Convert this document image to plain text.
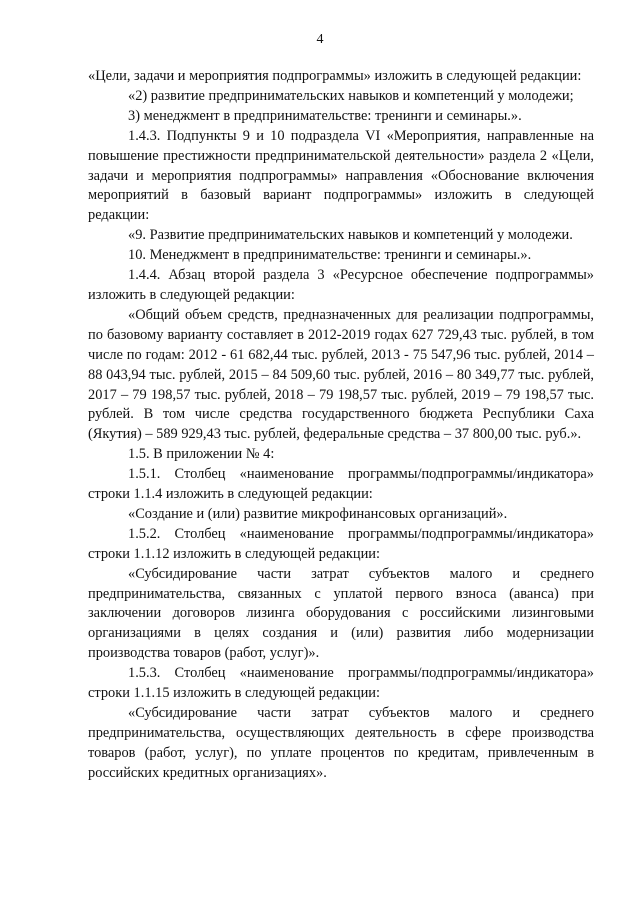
4

«Цели, задачи и мероприятия подпрограммы» изложить в следующей редакции:

«2) развитие предпринимательских навыков и компетенций у молодежи;

3) менеджмент в предпринимательстве: тренинги и семинары.».

1.4.3. Подпункты 9 и 10 подраздела VI «Мероприятия, направленные на повышение престижности предпринимательской деятельности» раздела 2 «Цели, задачи и мероприятия подпрограммы» направления «Обоснование включения мероприятий в базовый вариант подпрограммы» изложить в следующей редакции:

«9. Развитие предпринимательских навыков и компетенций у молодежи.

10. Менеджмент в предпринимательстве: тренинги и семинары.».

1.4.4. Абзац второй раздела 3 «Ресурсное обеспечение подпрограммы» изложить в следующей редакции:

«Общий объем средств, предназначенных для реализации подпрограммы, по базовому варианту составляет в 2012-2019 годах 627 729,43 тыс. рублей, в том числе по годам: 2012 - 61 682,44 тыс. рублей, 2013 - 75 547,96 тыс. рублей, 2014 – 88 043,94 тыс. рублей, 2015 – 84 509,60 тыс. рублей, 2016 – 80 349,77 тыс. рублей, 2017 – 79 198,57 тыс. рублей, 2018 – 79 198,57 тыс. рублей, 2019 – 79 198,57 тыс. рублей. В том числе средства государственного бюджета Республики Саха (Якутия) – 589 929,43 тыс. рублей, федеральные средства – 37 800,00 тыс. руб.».

1.5. В приложении № 4:

1.5.1. Столбец «наименование программы/подпрограммы/индикатора» строки 1.1.4 изложить в следующей редакции:

«Создание и (или) развитие микрофинансовых организаций».

1.5.2. Столбец «наименование программы/подпрограммы/индикатора» строки 1.1.12 изложить в следующей редакции:

«Субсидирование части затрат субъектов малого и среднего предпринимательства, связанных с уплатой первого взноса (аванса) при заключении договоров лизинга оборудования с российскими лизинговыми организациями в целях создания и (или) развития либо модернизации производства товаров (работ, услуг)».

1.5.3. Столбец «наименование программы/подпрограммы/индикатора» строки 1.1.15 изложить в следующей редакции:

«Субсидирование части затрат субъектов малого и среднего предпринимательства, осуществляющих деятельность в сфере производства товаров (работ, услуг), по уплате процентов по кредитам, привлеченным в российских кредитных организациях».
